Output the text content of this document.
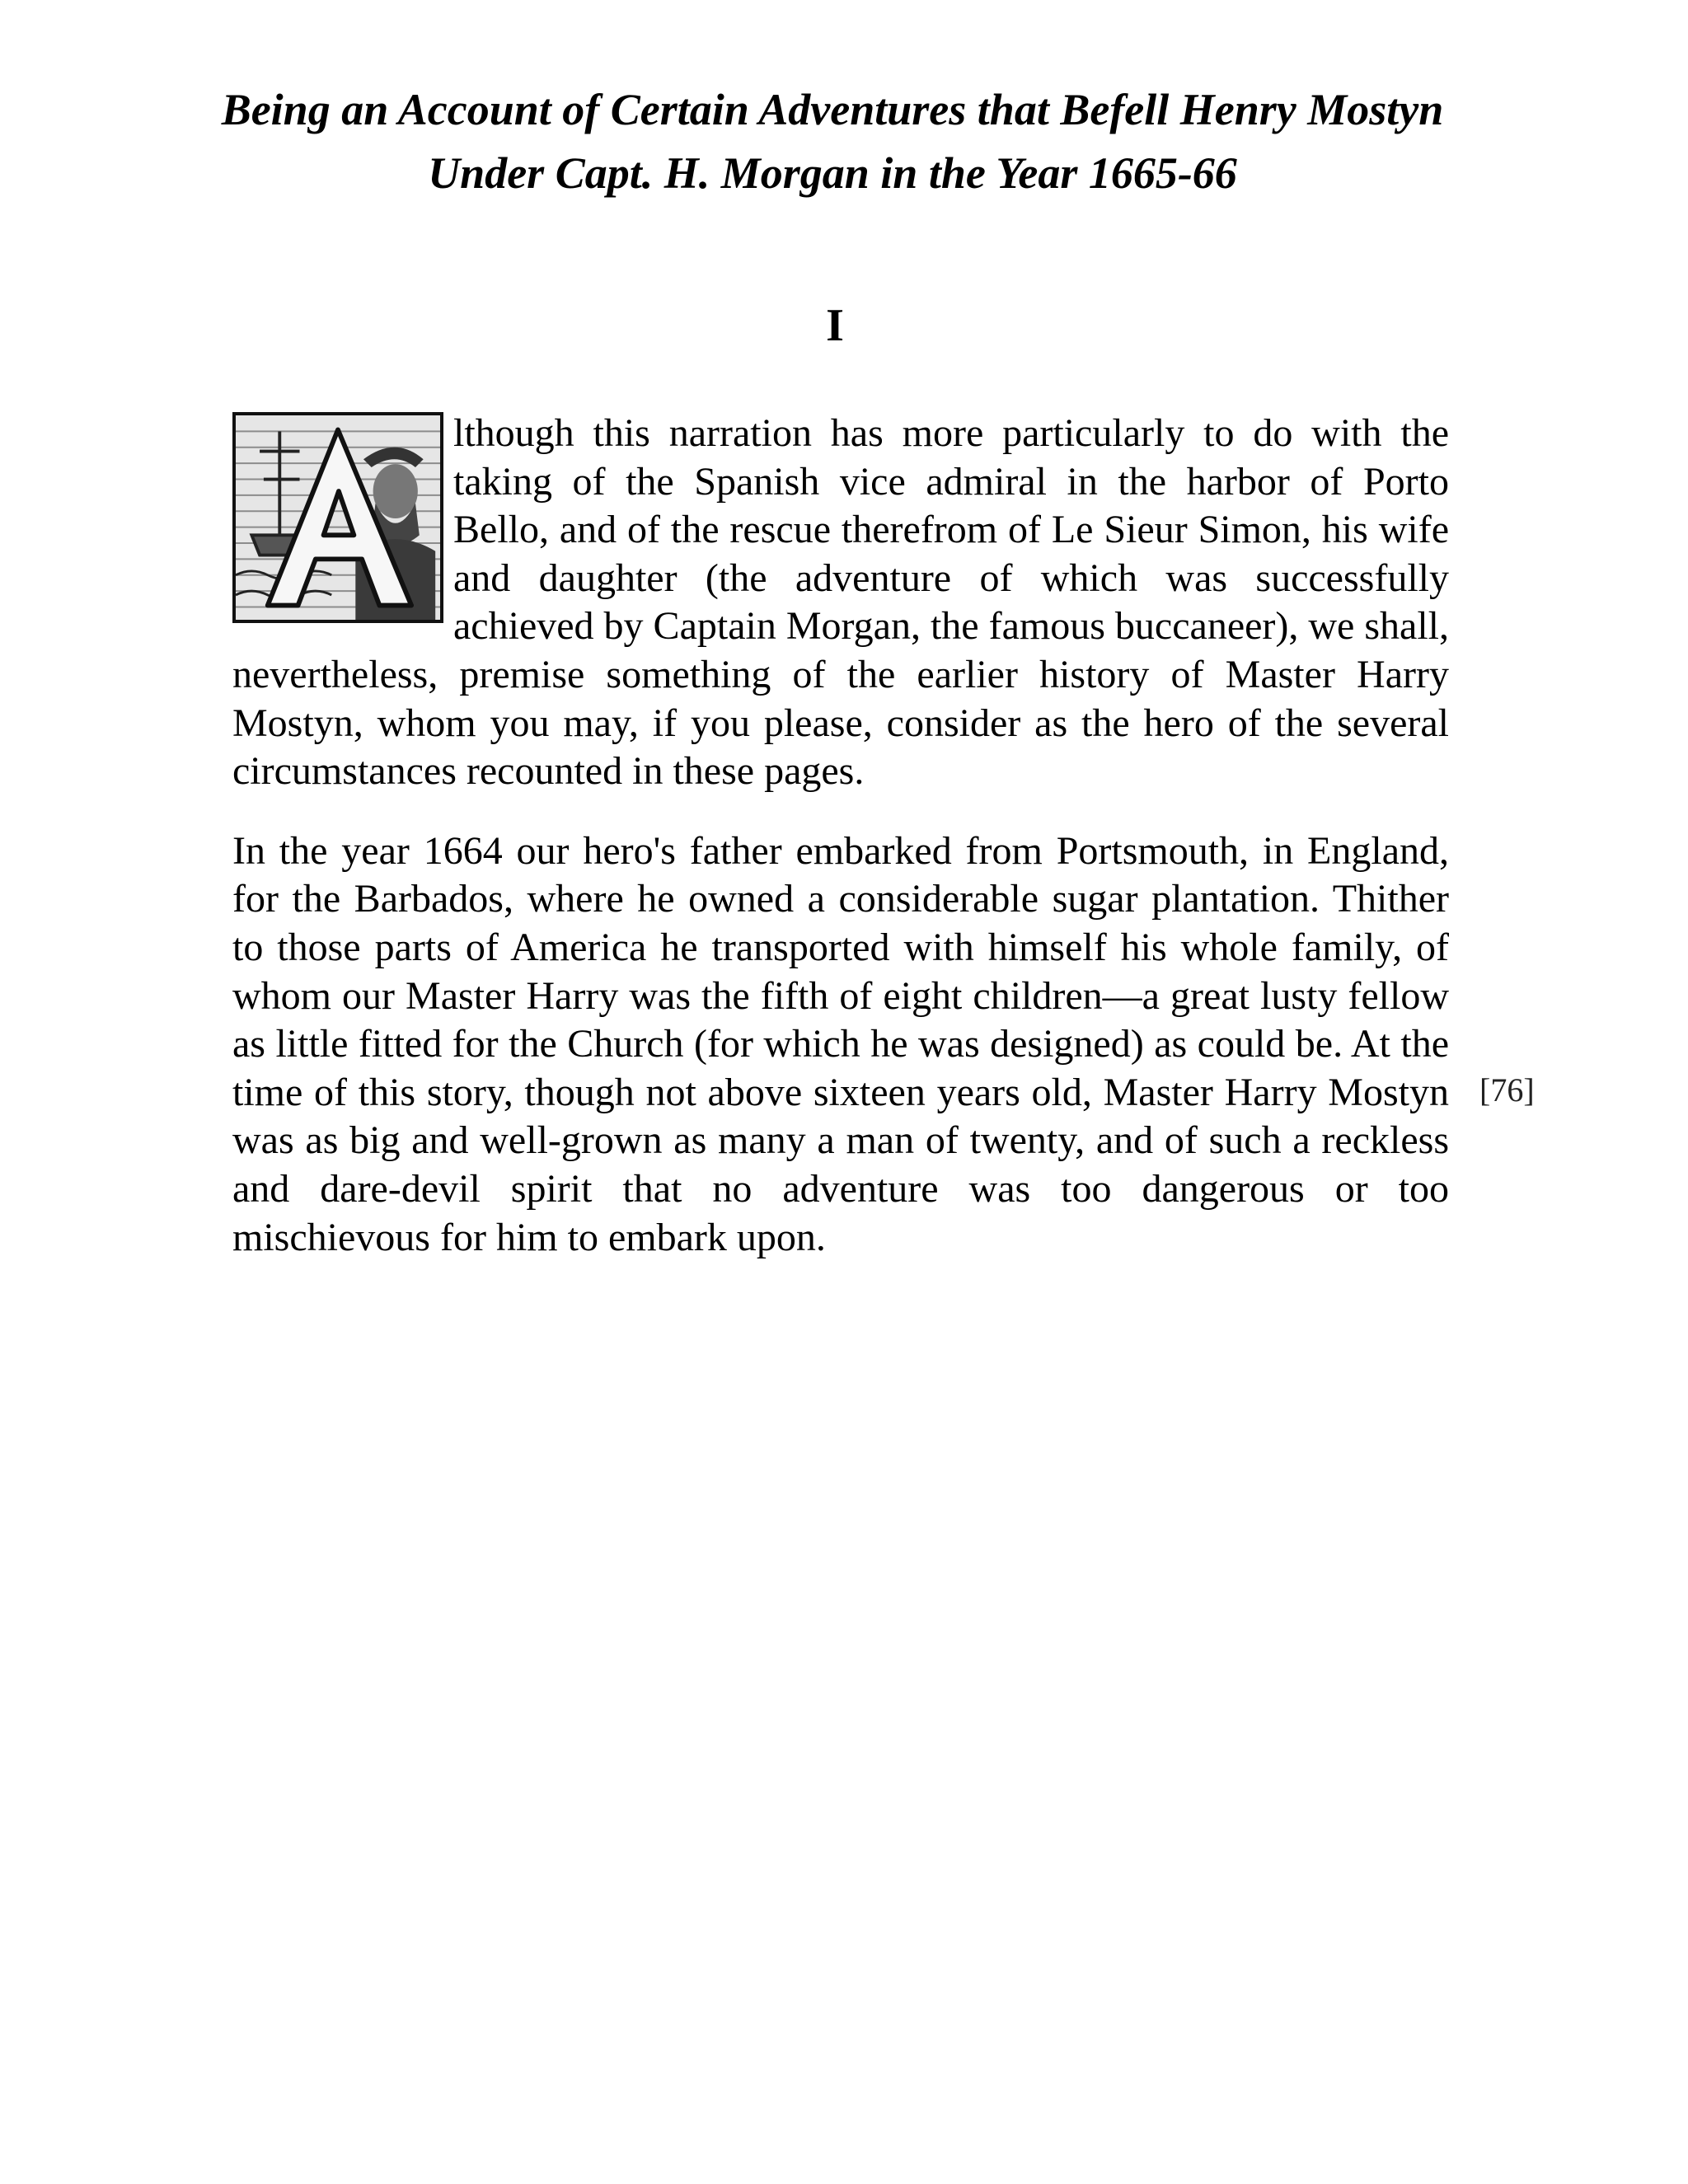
Being an Account of Certain Adventures that Befell Henry Mostyn Under Capt. H. Morgan in the Year 1665-66
I

lthough this narration has more particularly to do with the taking of the Spanish vice admiral in the harbor of Porto Bello, and of the rescue therefrom of Le Sieur Simon, his wife and daughter (the adventure of which was successfully achieved by Captain Morgan, the famous buccaneer), we shall, nevertheless, premise something of the earlier history of Master Harry Mostyn, whom you may, if you please, consider as the hero of the several circumstances recounted in these pages.

In the year 1664 our hero's father embarked from Portsmouth, in England, for the Barbados, where he owned a considerable sugar plantation. Thither to those parts of America he transported with himself his whole family, of whom our Master Harry was the fifth of eight children—a great lusty fellow as little fitted for the Church (for which he was designed) as could be. At the time of this story, though not above sixteen years old, Master Harry Mostyn was as big and well-grown as many a man of twenty, and of such a reckless and dare-devil spirit that no adventure was too dangerous or too mischievous for him to embark upon.

[76]
